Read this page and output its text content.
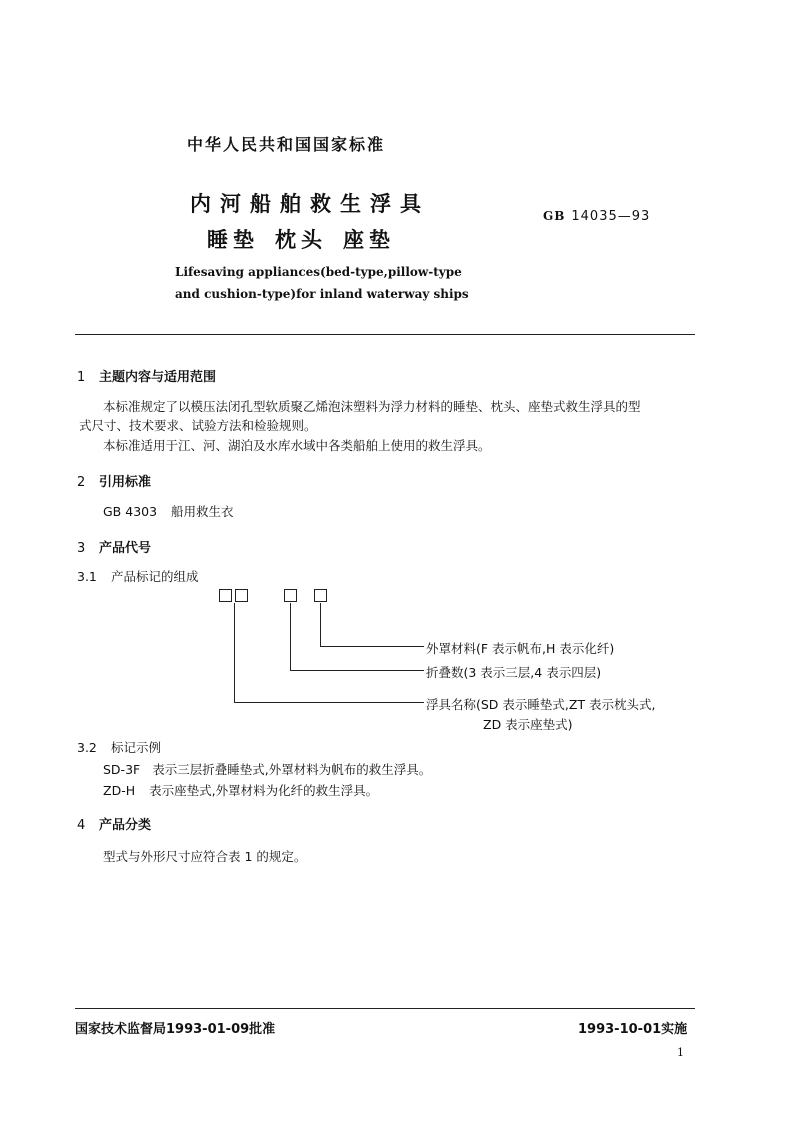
中华人民共和国国家标准
内河船舶救生浮具
睡垫 枕头 座垫
GB 14035—93
Lifesaving appliances(bed-type,pillow-type
and cushion-type)for inland waterway ships
1 主题内容与适用范围
本标准规定了以模压法闭孔型软质聚乙烯泡沫塑料为浮力材料的睡垫、枕头、座垫式救生浮具的型
式尺寸、技术要求、试验方法和检验规则。
本标准适用于江、河、湖泊及水库水域中各类船舶上使用的救生浮具。
2 引用标准
GB 4303 船用救生衣
3 产品代号
3.1 产品标记的组成
外罩材料(F 表示帆布,H 表示化纤)
折叠数(3 表示三层,4 表示四层)
浮具名称(SD 表示睡垫式,ZT 表示枕头式,
ZD 表示座垫式)
3.2 标记示例
SD-3F 表示三层折叠睡垫式,外罩材料为帆布的救生浮具。
ZD-H 表示座垫式,外罩材料为化纤的救生浮具。
4 产品分类
型式与外形尺寸应符合表 1 的规定。
国家技术监督局1993-01-09批准	1993-10-01实施
1
